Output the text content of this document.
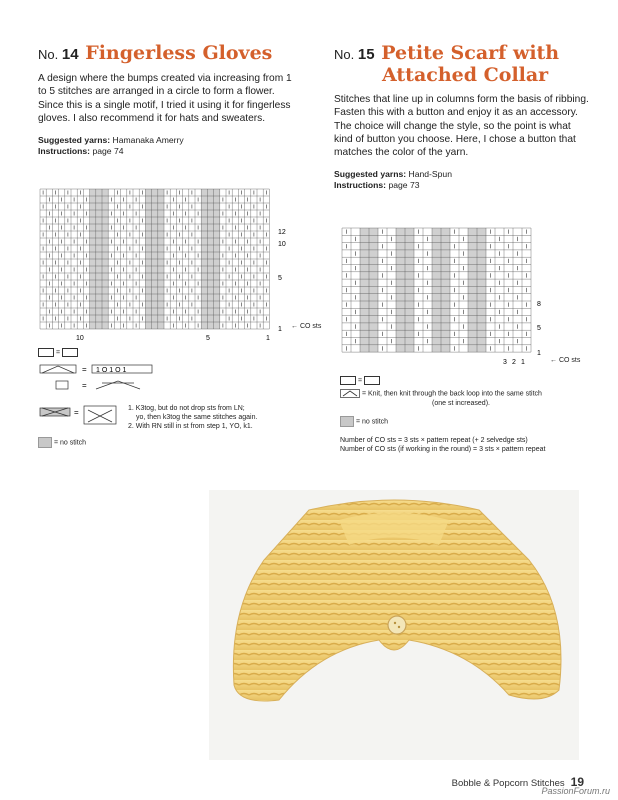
No. 14 Fingerless Gloves

A design where the bumps created via increasing from 1 to 5 stitches are arranged in a circle to form a flower. Since this is a single motif, I tried it using it for fingerless gloves. I also recommend it for hats and sweaters.

Suggested yarns: Hamanaka Amerry

Instructions: page 74

12
10
5
1
10	5	1
← CO sts
=
= 1 O 1 O 1
=
=	1. K3tog, but do not drop sts from LN;
yo, then k3tog the same stitches again.
2. With RN still in st from step 1, YO, k1.
= no stitch
No. 15 Petite Scarf with
Attached Collar

Stitches that line up in columns form the basis of ribbing. Fasten this with a button and enjoy it as an accessory. The choice will change the style, so the point is what kind of button you choose. Here, I chose a button that matches the color of the yarn.

Suggested yarns: Hand-Spun

Instructions: page 73

8
5
1
3 2 1	← CO sts
=
= Knit, then knit through the back loop into the same stitch
(one st increased).
= no stitch
Number of CO sts = 3 sts × pattern repeat (+ 2 selvedge sts)
Number of CO sts (if working in the round) = 3 sts × pattern repeat
Bobble & Popcorn Stitches 19
PassionForum.ru
